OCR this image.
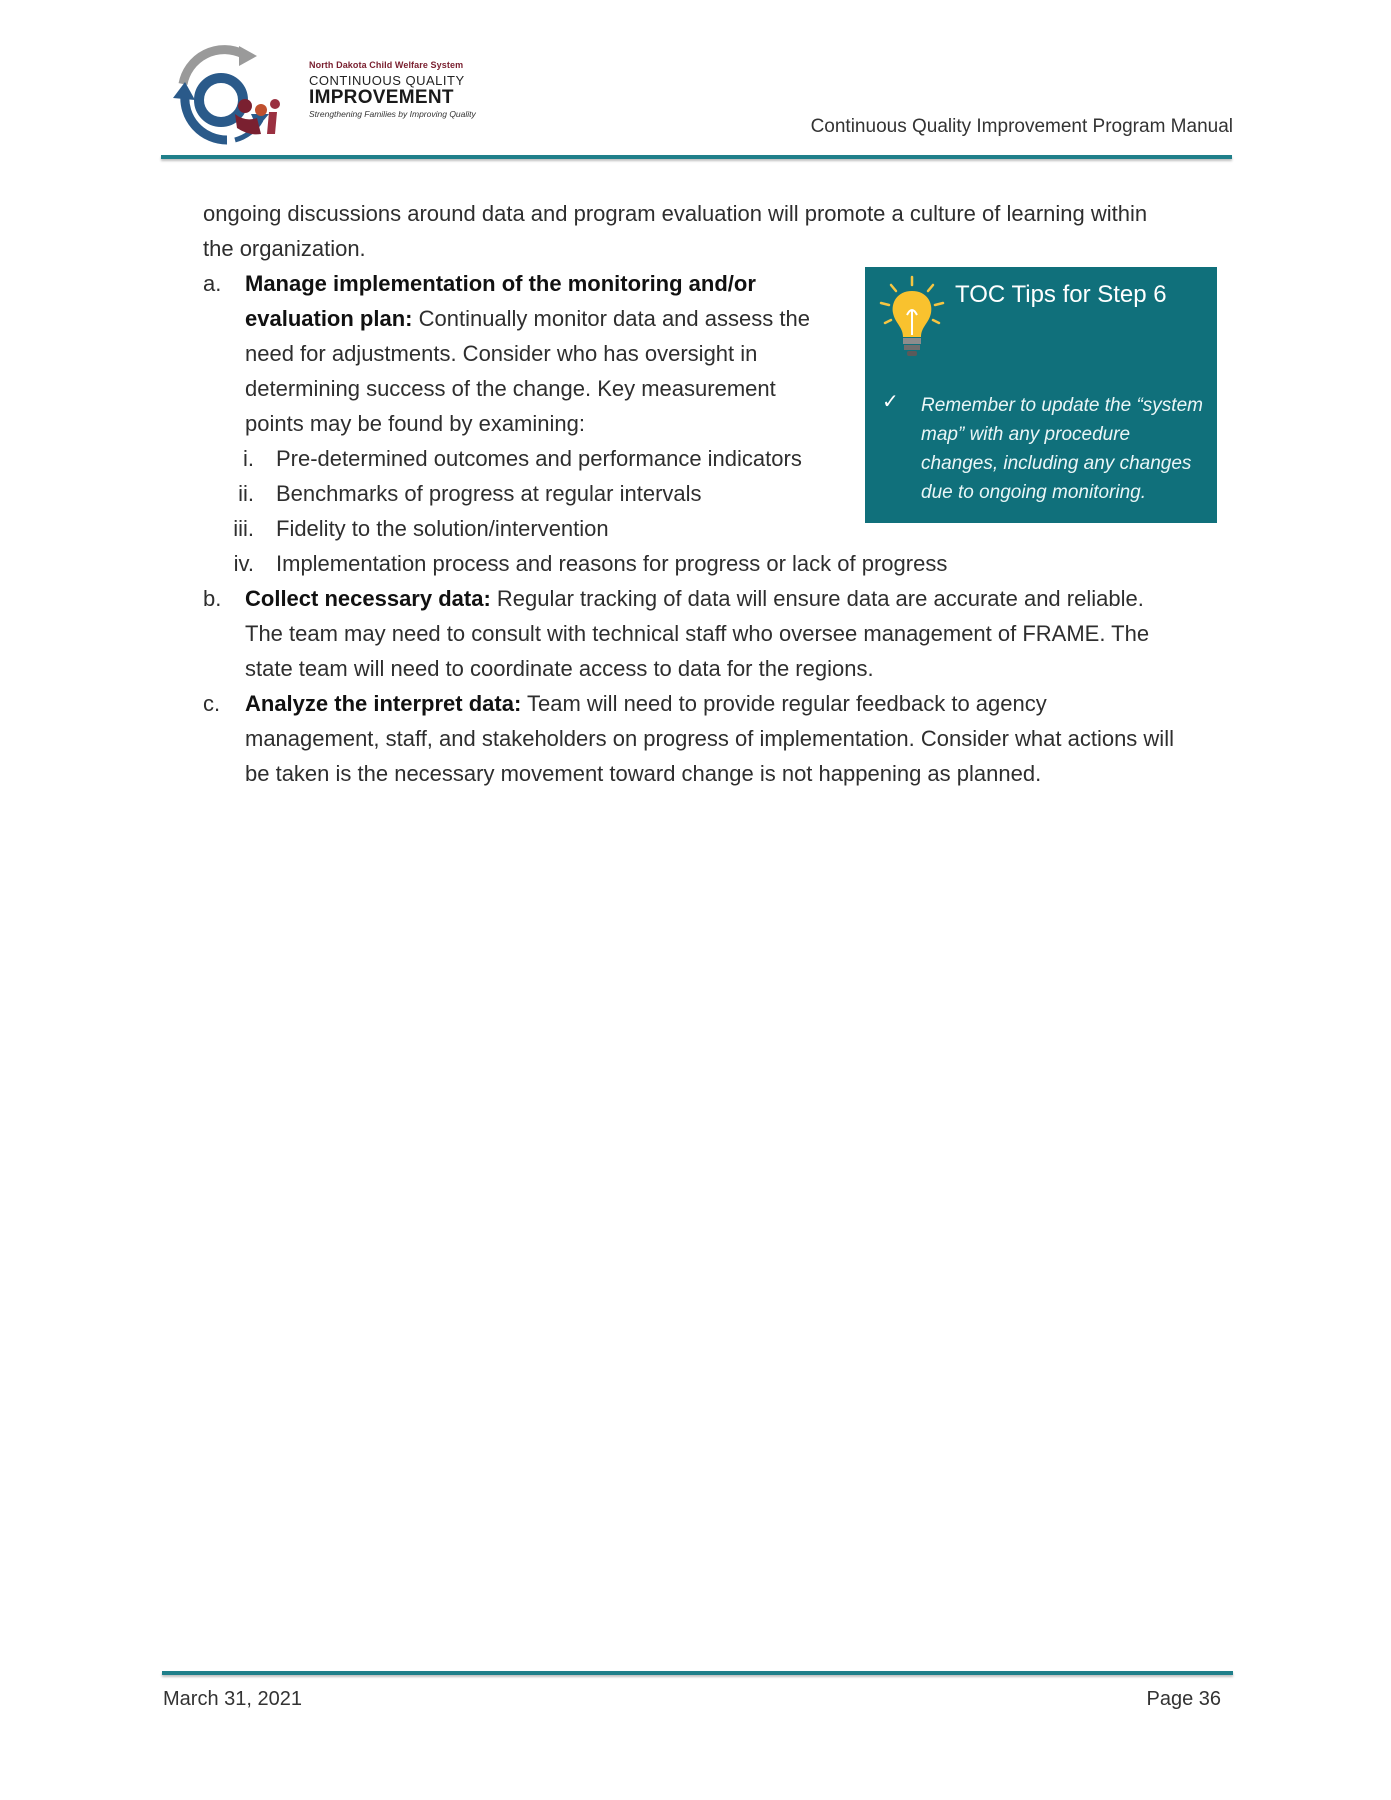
North Dakota Child Welfare System
CONTINUOUS QUALITY
IMPROVEMENT
Strengthening Families by Improving Quality
Continuous Quality Improvement Program Manual
ongoing discussions around data and program evaluation will promote a culture of learning within
the organization.
a. Manage implementation of the monitoring and/or
evaluation plan: Continually monitor data and assess the
need for adjustments. Consider who has oversight in
determining success of the change. Key measurement
points may be found by examining:
i. Pre-determined outcomes and performance indicators
ii. Benchmarks of progress at regular intervals
iii. Fidelity to the solution/intervention
iv. Implementation process and reasons for progress or lack of progress
b. Collect necessary data: Regular tracking of data will ensure data are accurate and reliable.
The team may need to consult with technical staff who oversee management of FRAME. The
state team will need to coordinate access to data for the regions.
c. Analyze the interpret data: Team will need to provide regular feedback to agency
management, staff, and stakeholders on progress of implementation. Consider what actions will
be taken is the necessary movement toward change is not happening as planned.
TOC Tips for Step 6
✓ Remember to update the “system map” with any procedure changes, including any changes due to ongoing monitoring.
March 31, 2021	Page 36
